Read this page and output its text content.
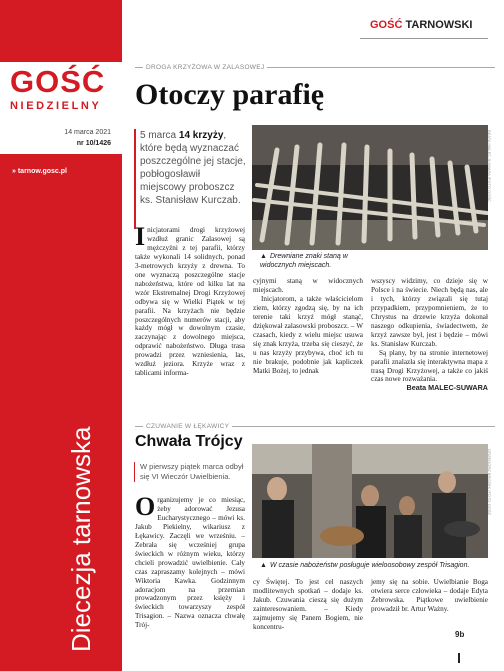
GOŚĆ
NIEDZIELNY
14 marca 2021
nr 10/1426
» tarnow.gosc.pl
Diecezja tarnowska
GOŚĆ TARNOWSKI
DROGA KRZYŻOWA W ZALASOWEJ
Otoczy parafię
5 marca 14 krzyży, które będą wyznaczać poszczególne jej stacje, pobłogosławił miejscowy proboszcz ks. Stanisław Kurczab.	BEATA MALEC-SUWARA /FOTO GOŚĆ
▲ Drewniane znaki staną w widocznych miejscach.
Inicjatorami drogi krzyżowej wzdłuż granic Zalasowej są mężczyźni z tej parafii, którzy także wykonali 14 solidnych, ponad 3-metrowych krzyży z drewna. To one wyznaczą poszczególne stacje nabożeństwa, które od kilku lat na wzór Ekstremalnej Drogi Krzyżowej odbywa się w Wielki Piątek w tej parafii. Na krzyżach nie będzie poszczególnych numerów stacji, aby każdy mógł w dowolnym czasie, zaczynając z dowolnego miejsca, odprawić nabożeństwo. Długa trasa prowadzi przez wzniesienia, las, wzdłuż jeziora. Krzyże wraz z tablicami informa-

cyjnymi staną w widocznych miejscach.

Inicjatorom, a także właścicielom ziem, którzy zgodzą się, by na ich terenie taki krzyż mógł stanąć, dziękował zalasowski proboszcz. – W czasach, kiedy z wielu miejsc usuwa się znak krzyża, trzeba się cieszyć, że u nas krzyży przybywa, choć ich tu nie brakuje, podobnie jak kapliczek Matki Bożej, to jednak

wszyscy widzimy, co dzieje się w Polsce i na świecie. Niech będą nas, ale i tych, którzy związali się tutaj przypadkiem, przypomnieniem, że to Chrystus na drzewie krzyża dokonał naszego odkupienia, świadectwem, że krzyż zawsze był, jest i będzie – mówi ks. Stanisław Kurczab.

Są plany, by na stronie internetowej parafii znalazła się interaktywna mapa z trasą Drogi Krzyżowej, a także co jakiś czas nowe rozważania.

Beata MALEC-SUWARA

CZUWANIE W ŁĘKAWICY
Chwała Trójcy
W pierwszy piątek marca odbył się VI Wieczór Uwielbienia.	GRZEGORZ BROŻEK /FOTO GOŚĆ
▲ W czasie nabożeństw posługuje wieloosobowy zespół Trisagion.
Organizujemy je co miesiąc, żeby adorować Jezusa Eucharystycznego – mówi ks. Jakub Piekielny, wikariusz z Łękawicy. Zaczęli we wrześniu. – Zebrała się wcześniej grupa świeckich w różnym wieku, którzy chcieli prowadzić uwielbienie. Cały czas zapraszamy kolejnych – mówi Wiktoria Kawka. Godzinnym adoracjom na przemian prowadzonym przez księży i świeckich towarzyszy zespół Trisagion. – Nazwa oznacza chwałę Trój-
cy Świętej. To jest cel naszych modlitewnych spotkań – dodaje ks. Jakub. Czuwania cieszą się dużym zainteresowaniem. – Kiedy zajmujemy się Panem Bogiem, nie koncentru-
jemy się na sobie. Uwielbianie Boga otwiera serce człowieka – dodaje Edyta Żebrowska. Piątkowe uwielbienie prowadził br. Artur Ważny.
9b
